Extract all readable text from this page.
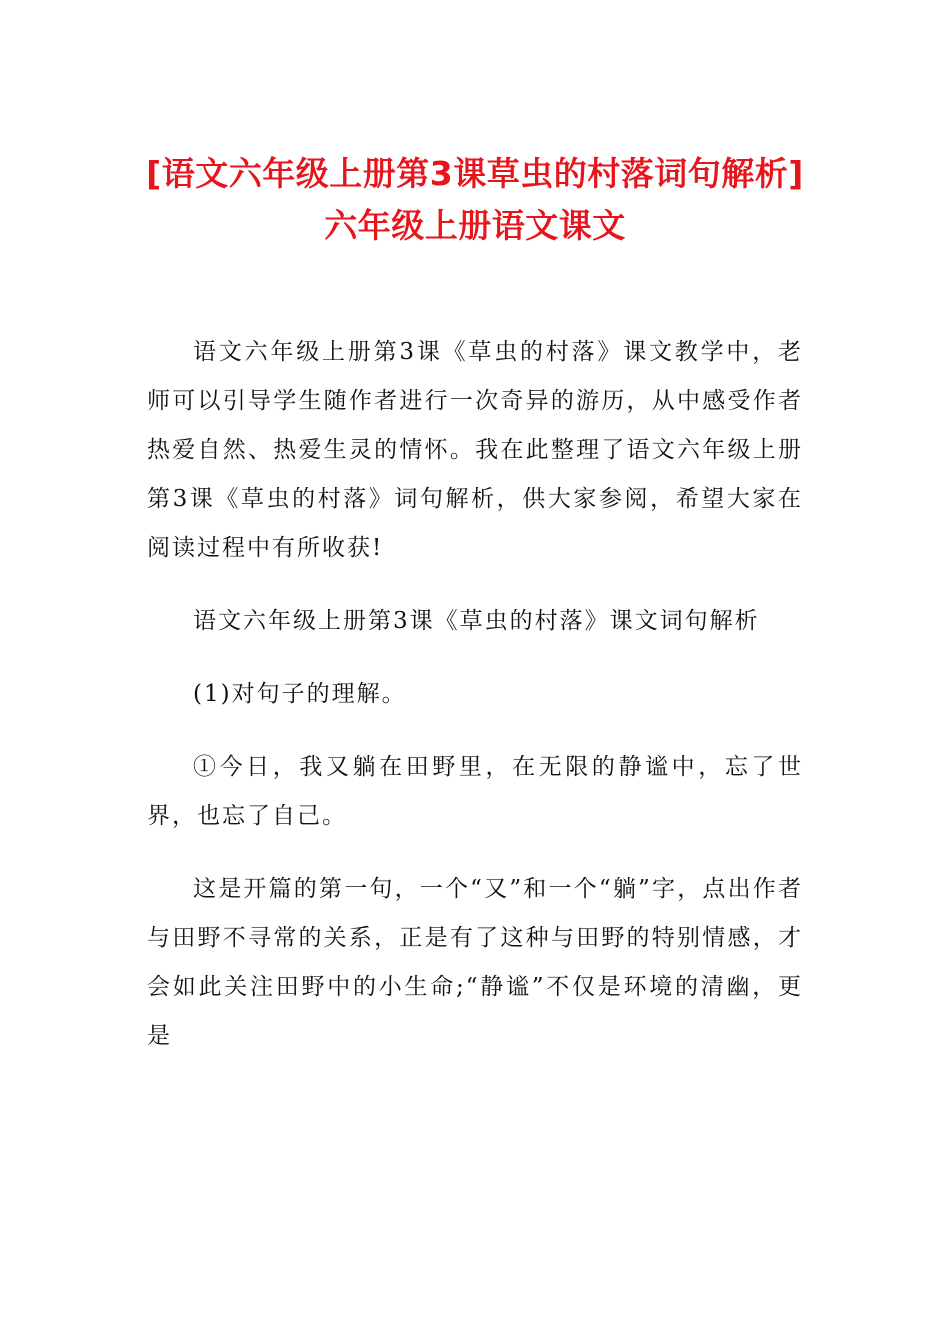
[语文六年级上册第3课草虫的村落词句解析]六年级上册语文课文

语文六年级上册第3课《草虫的村落》课文教学中，老师可以引导学生随作者进行一次奇异的游历，从中感受作者热爱自然、热爱生灵的情怀。我在此整理了语文六年级上册第3课《草虫的村落》词句解析，供大家参阅，希望大家在阅读过程中有所收获!

语文六年级上册第3课《草虫的村落》课文词句解析

(1)对句子的理解。

①今日，我又躺在田野里，在无限的静谧中，忘了世界，也忘了自己。

这是开篇的第一句，一个“又”和一个“躺”字，点出作者与田野不寻常的关系，正是有了这种与田野的特别情感，才会如此关注田野中的小生命;“静谧”不仅是环境的清幽，更是
